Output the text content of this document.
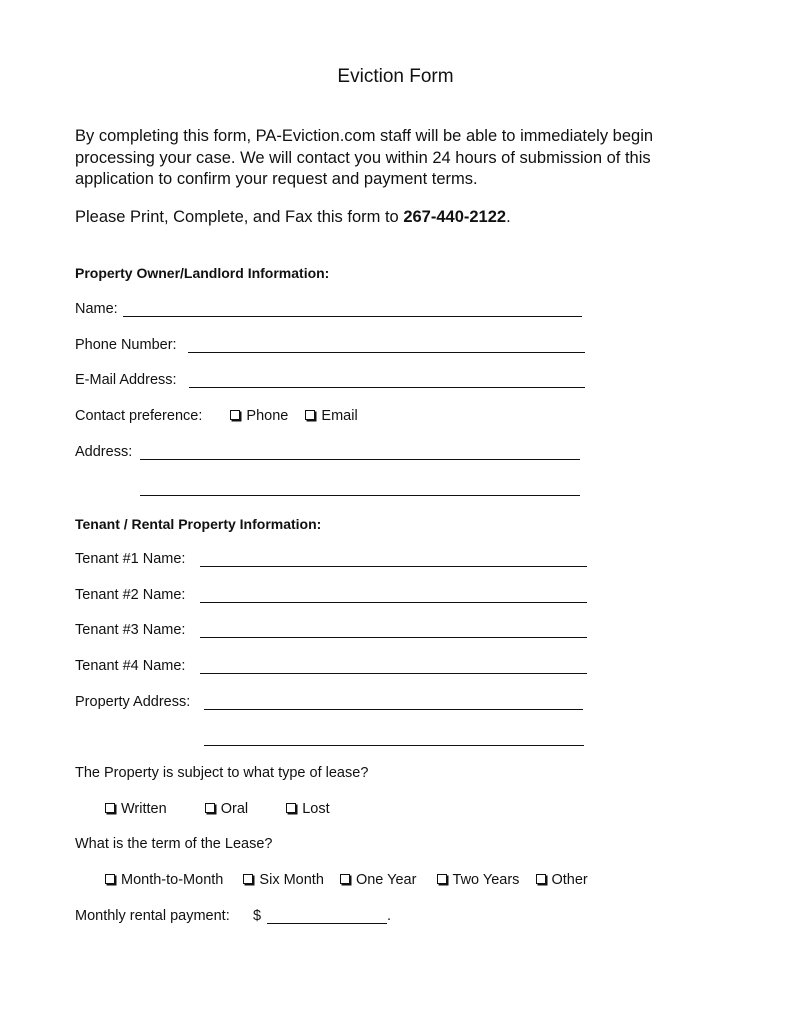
Eviction Form

By completing this form, PA-Eviction.com staff will be able to immediately begin processing your case. We will contact you within 24 hours of submission of this application to confirm your request and payment terms.

Please Print, Complete, and Fax this form to 267-440-2122.
Property Owner/Landlord Information:
Name:
Phone Number:
E-Mail Address:
Contact preference:	Phone Email
Address:
Tenant / Rental Property Information:
Tenant #1 Name:
Tenant #2 Name:
Tenant #3 Name:
Tenant #4 Name:
Property Address:
The Property is subject to what type of lease?
Written	Oral	Lost
What is the term of the Lease?
Month-to-Month Six Month One Year Two Years Other
Monthly rental payment: $	.
